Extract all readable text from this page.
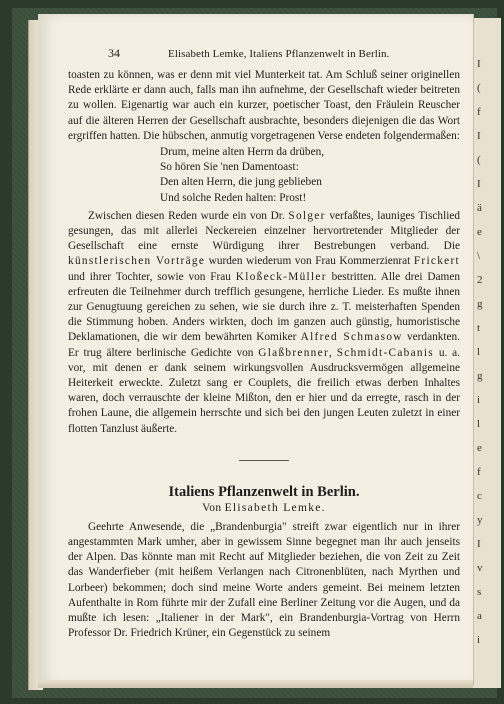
I
(
f
I
(
I
ä
e
\
2
g
t
l
g
i
l
e
f
c
y
I
v
s
a
i
34	Elisabeth Lemke, Italiens Pflanzenwelt in Berlin.

toasten zu können, was er denn mit viel Munterkeit tat. Am Schluß seiner originellen Rede erklärte er dann auch, falls man ihn aufnehme, der Gesellschaft wieder beitreten zu wollen. Eigenartig war auch ein kurzer, poetischer Toast, den Fräulein Reuscher auf die älteren Herren der Gesellschaft ausbrachte, besonders diejenigen die das Wort ergriffen hatten. Die hübschen, anmutig vorgetragenen Verse endeten folgendermaßen:

Drum, meine alten Herrn da drüben,
So hören Sie 'nen Damentoast:
Den alten Herrn, die jung geblieben
Und solche Reden halten: Prost!

Zwischen diesen Reden wurde ein von Dr. Solger verfaßtes, launiges Tischlied gesungen, das mit allerlei Neckereien einzelner hervortretender Mitglieder der Gesellschaft eine ernste Würdigung ihrer Bestrebungen verband. Die künstlerischen Vorträge wurden wiederum von Frau Kommerzienrat Frickert und ihrer Tochter, sowie von Frau Kloßeck-Müller bestritten. Alle drei Damen erfreuten die Teilnehmer durch trefflich gesungene, herrliche Lieder. Es mußte ihnen zur Genugtuung gereichen zu sehen, wie sie durch ihre z. T. meisterhaften Spenden die Stimmung hoben. Anders wirkten, doch im ganzen auch günstig, humoristische Deklamationen, die wir dem bewährten Komiker Alfred Schmasow verdankten. Er trug ältere berlinische Gedichte von Glaßbrenner, Schmidt-Cabanis u. a. vor, mit denen er dank seinem wirkungsvollen Ausdrucksvermögen allgemeine Heiterkeit erweckte. Zuletzt sang er Couplets, die freilich etwas derben Inhaltes waren, doch verrauschte der kleine Mißton, den er hier und da erregte, rasch in der frohen Laune, die allgemein herrschte und sich bei den jungen Leuten zuletzt in einer flotten Tanzlust äußerte.

Italiens Pflanzenwelt in Berlin.
Von Elisabeth Lemke.

Geehrte Anwesende, die „Brandenburgia" streift zwar eigentlich nur in ihrer angestammten Mark umher, aber in gewissem Sinne begegnet man ihr auch jenseits der Alpen. Das könnte man mit Recht auf Mitglieder beziehen, die von Zeit zu Zeit das Wanderfieber (mit heißem Verlangen nach Citronenblüten, nach Myrthen und Lorbeer) bekommen; doch sind meine Worte anders gemeint. Bei meinem letzten Aufenthalte in Rom führte mir der Zufall eine Berliner Zeitung vor die Augen, und da mußte ich lesen: „Italiener in der Mark", ein Brandenburgia-Vortrag von Herrn Professor Dr. Friedrich Krüner, ein Gegenstück zu seinem
